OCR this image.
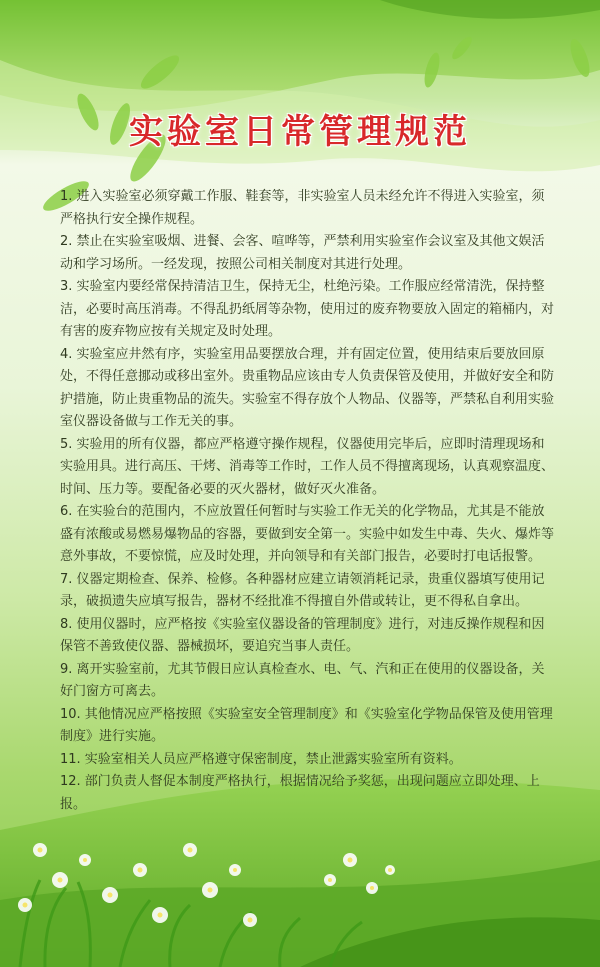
实验室日常管理规范

1. 进入实验室必须穿戴工作服、鞋套等，非实验室人员未经允许不得进入实验室，须严格执行安全操作规程。

2. 禁止在实验室吸烟、进餐、会客、喧哗等，严禁利用实验室作会议室及其他文娱活动和学习场所。一经发现，按照公司相关制度对其进行处理。

3. 实验室内要经常保持清洁卫生，保持无尘，杜绝污染。工作服应经常清洗，保持整洁，必要时高压消毒。不得乱扔纸屑等杂物，使用过的废弃物要放入固定的箱桶内，对有害的废弃物应按有关规定及时处理。

4. 实验室应井然有序，实验室用品要摆放合理，并有固定位置，使用结束后要放回原处，不得任意挪动或移出室外。贵重物品应该由专人负责保管及使用，并做好安全和防护措施，防止贵重物品的流失。实验室不得存放个人物品、仪器等，严禁私自利用实验室仪器设备做与工作无关的事。

5. 实验用的所有仪器，都应严格遵守操作规程，仪器使用完毕后，应即时清理现场和实验用具。进行高压、干烤、消毒等工作时，工作人员不得擅离现场，认真观察温度、时间、压力等。要配备必要的灭火器材，做好灭火准备。

6. 在实验台的范围内，不应放置任何暂时与实验工作无关的化学物品，尤其是不能放盛有浓酸或易燃易爆物品的容器，要做到安全第一。实验中如发生中毒、失火、爆炸等意外事故，不要惊慌，应及时处理，并向领导和有关部门报告，必要时打电话报警。

7. 仪器定期检查、保养、检修。各种器材应建立请领消耗记录，贵重仪器填写使用记录，破损遗失应填写报告，器材不经批准不得擅自外借或转让，更不得私自拿出。

8. 使用仪器时，应严格按《实验室仪器设备的管理制度》进行，对违反操作规程和因保管不善致使仪器、器械损坏，要追究当事人责任。

9. 离开实验室前，尤其节假日应认真检查水、电、气、汽和正在使用的仪器设备，关好门窗方可离去。

10. 其他情况应严格按照《实验室安全管理制度》和《实验室化学物品保管及使用管理制度》进行实施。

11. 实验室相关人员应严格遵守保密制度，禁止泄露实验室所有资料。

12. 部门负责人督促本制度严格执行，根据情况给予奖惩，出现问题应立即处理、上报。
